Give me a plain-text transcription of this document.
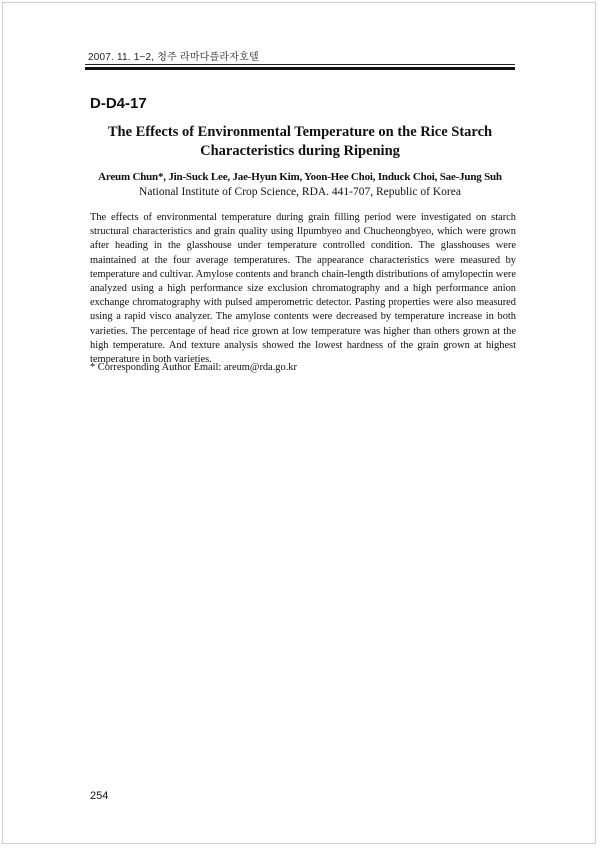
2007. 11. 1~2, 청주 라마다플라자호텔
D-D4-17
The Effects of Environmental Temperature on the Rice Starch
Characteristics during Ripening
Areum Chun*, Jin-Suck Lee, Jae-Hyun Kim, Yoon-Hee Choi, Induck Choi, Sae-Jung Suh
National Institute of Crop Science, RDA. 441-707, Republic of Korea

The effects of environmental temperature during grain filling period were investigated on starch structural characteristics and grain quality using Ilpumbyeo and Chucheongbyeo, which were grown after heading in the glasshouse under temperature controlled condition. The glasshouses were maintained at the four average temperatures. The appearance characteristics were measured by temperature and cultivar. Amylose contents and branch chain-length distributions of amylopectin were analyzed using a high performance size exclusion chromatography and a high performance anion exchange chromatography with pulsed amperometric detector. Pasting properties were also measured using a rapid visco analyzer. The amylose contents were decreased by temperature increase in both varieties. The percentage of head rice grown at low temperature was higher than others grown at the high temperature. And texture analysis showed the lowest hardness of the grain grown at highest temperature in both varieties.

* Corresponding Author Email: areum@rda.go.kr
254
